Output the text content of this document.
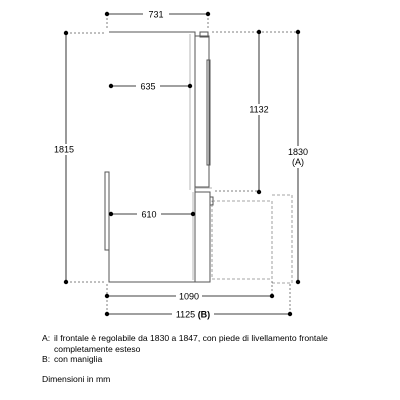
731
635
610
1815
1132
1830
(A)
1090
1125 (B)
A: il frontale è regolabile da 1830 a 1847, con piede di livellamento frontale completamente esteso
B: con maniglia
Dimensioni in mm
